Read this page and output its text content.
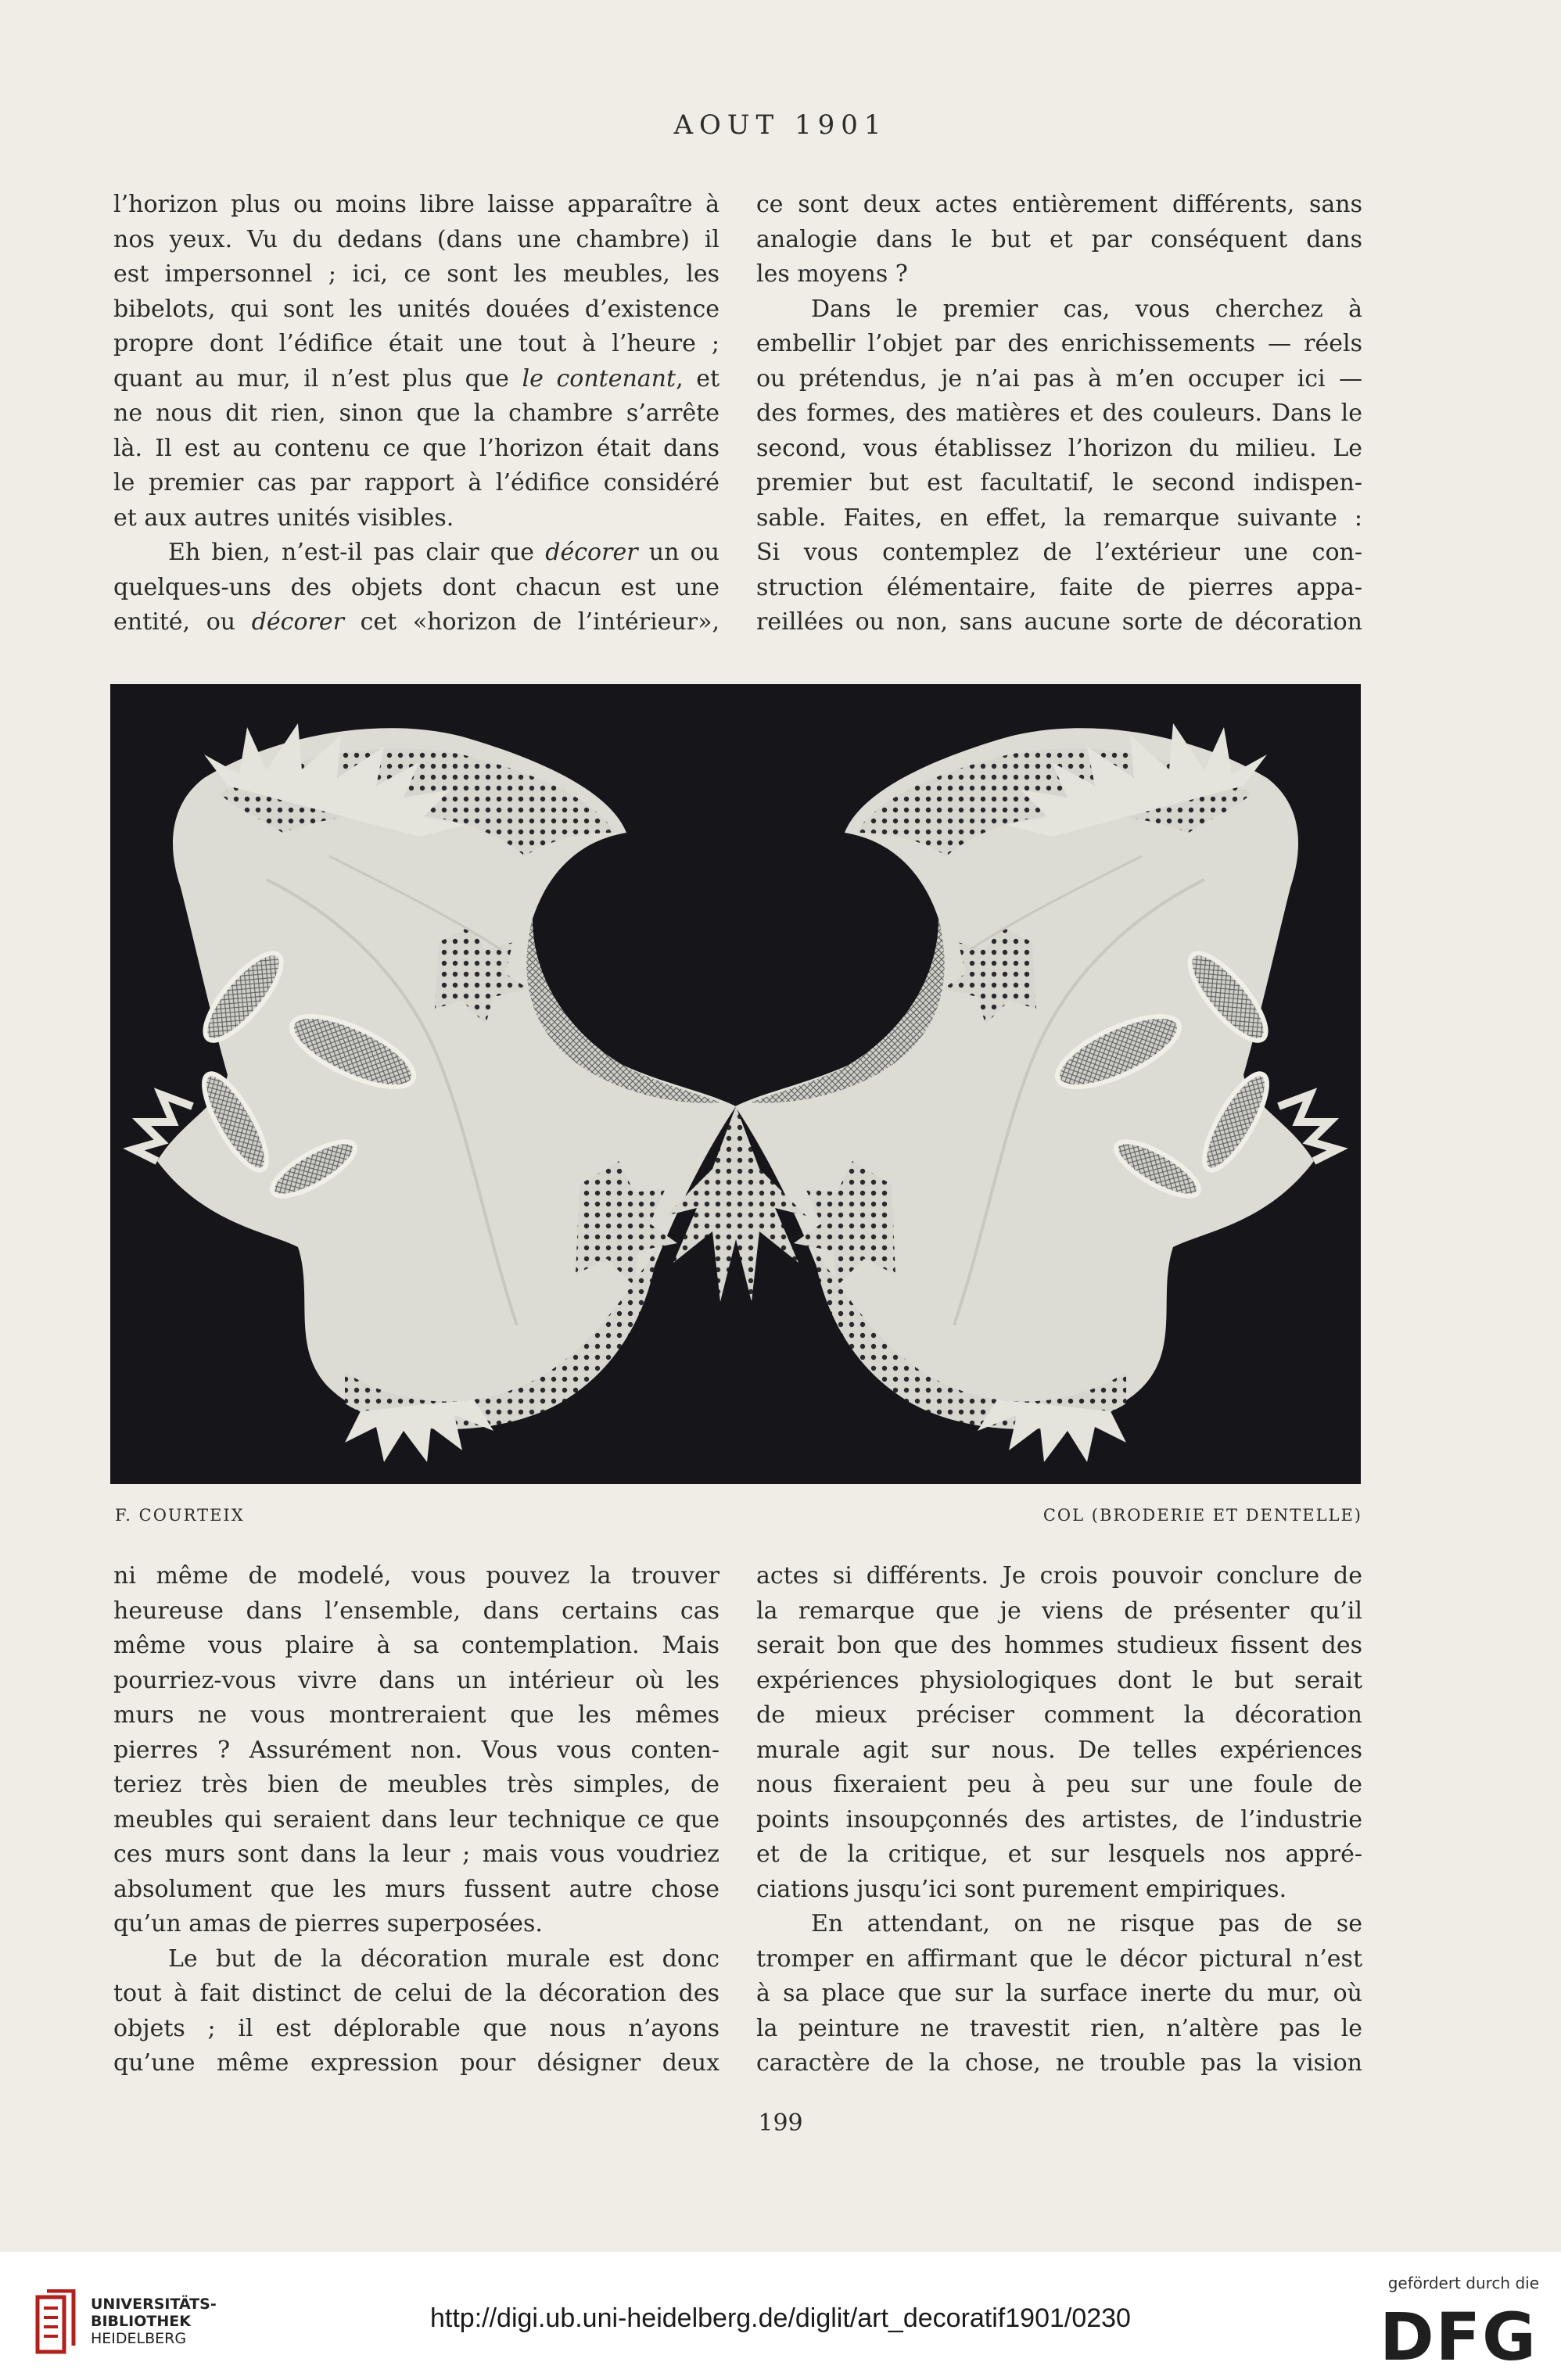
AOUT 1901
l’horizon plus ou moins libre laisse apparaître à
nos yeux. Vu du dedans (dans une chambre) il
est impersonnel ; ici, ce sont les meubles, les
bibelots, qui sont les unités douées d’existence
propre dont l’édifice était une tout à l’heure ;
quant au mur, il n’est plus que le contenant, et
ne nous dit rien, sinon que la chambre s’arrête
là. Il est au contenu ce que l’horizon était dans
le premier cas par rapport à l’édifice considéré
et aux autres unités visibles.
Eh bien, n’est-il pas clair que décorer un ou
quelques-uns des objets dont chacun est une
entité, ou décorer cet «horizon de l’intérieur»,
ce sont deux actes entièrement différents, sans
analogie dans le but et par conséquent dans
les moyens ?
Dans le premier cas, vous cherchez à
embellir l’objet par des enrichissements — réels
ou prétendus, je n’ai pas à m’en occuper ici —
des formes, des matières et des couleurs. Dans le
second, vous établissez l’horizon du milieu. Le
premier but est facultatif, le second indispen-
sable. Faites, en effet, la remarque suivante :
Si vous contemplez de l’extérieur une con-
struction élémentaire, faite de pierres appa-
reillées ou non, sans aucune sorte de décoration
F. COURTEIX	COL (BRODERIE ET DENTELLE)
ni même de modelé, vous pouvez la trouver
heureuse dans l’ensemble, dans certains cas
même vous plaire à sa contemplation. Mais
pourriez-vous vivre dans un intérieur où les
murs ne vous montreraient que les mêmes
pierres ? Assurément non. Vous vous conten-
teriez très bien de meubles très simples, de
meubles qui seraient dans leur technique ce que
ces murs sont dans la leur ; mais vous voudriez
absolument que les murs fussent autre chose
qu’un amas de pierres superposées.
Le but de la décoration murale est donc
tout à fait distinct de celui de la décoration des
objets ; il est déplorable que nous n’ayons
qu’une même expression pour désigner deux
actes si différents. Je crois pouvoir conclure de
la remarque que je viens de présenter qu’il
serait bon que des hommes studieux fissent des
expériences physiologiques dont le but serait
de mieux préciser comment la décoration
murale agit sur nous. De telles expériences
nous fixeraient peu à peu sur une foule de
points insoupçonnés des artistes, de l’industrie
et de la critique, et sur lesquels nos appré-
ciations jusqu’ici sont purement empiriques.
En attendant, on ne risque pas de se
tromper en affirmant que le décor pictural n’est
à sa place que sur la surface inerte du mur, où
la peinture ne travestit rien, n’altère pas le
caractère de la chose, ne trouble pas la vision
199
UNIVERSITÄTS-
BIBLIOTHEK
HEIDELBERG
http://digi.ub.uni-heidelberg.de/diglit/art_decoratif1901/0230
gefördert durch die
DFG
